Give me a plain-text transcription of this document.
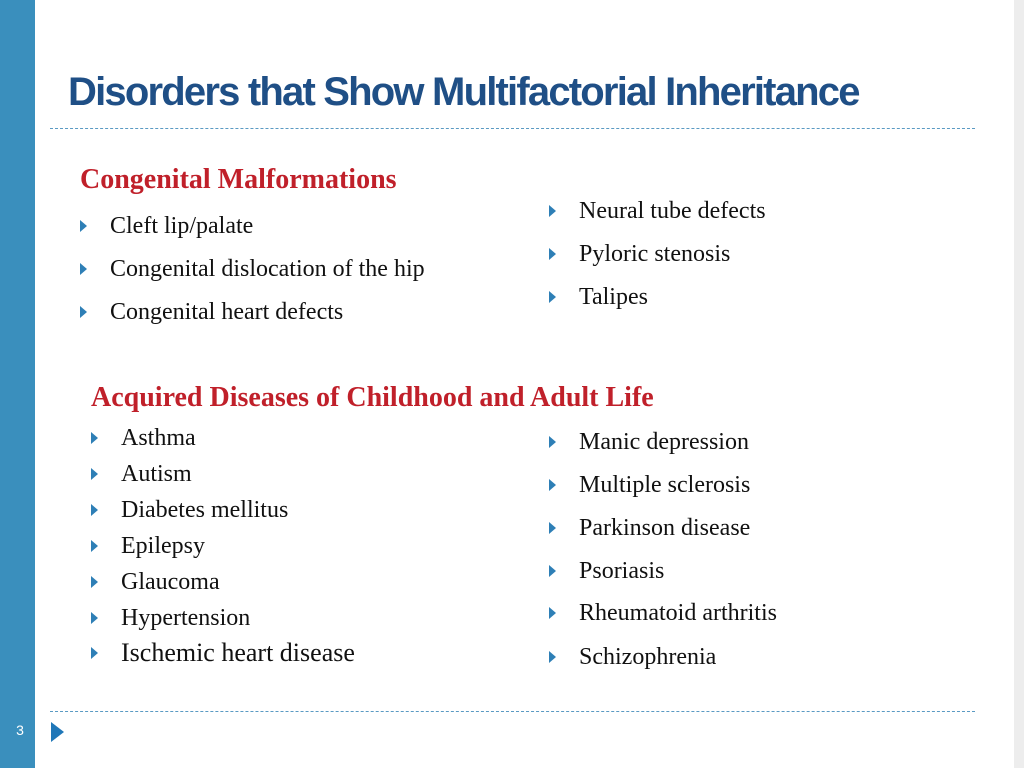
Disorders that Show Multifactorial Inheritance
Congenital Malformations
Cleft lip/palate
Congenital dislocation of the hip
Congenital heart defects
Neural tube defects
Pyloric stenosis
Talipes
Acquired Diseases of Childhood and Adult Life
Asthma
Autism
Diabetes mellitus
Epilepsy
Glaucoma
Hypertension
Ischemic heart disease
Manic depression
Multiple sclerosis
Parkinson disease
Psoriasis
Rheumatoid arthritis
Schizophrenia
3
